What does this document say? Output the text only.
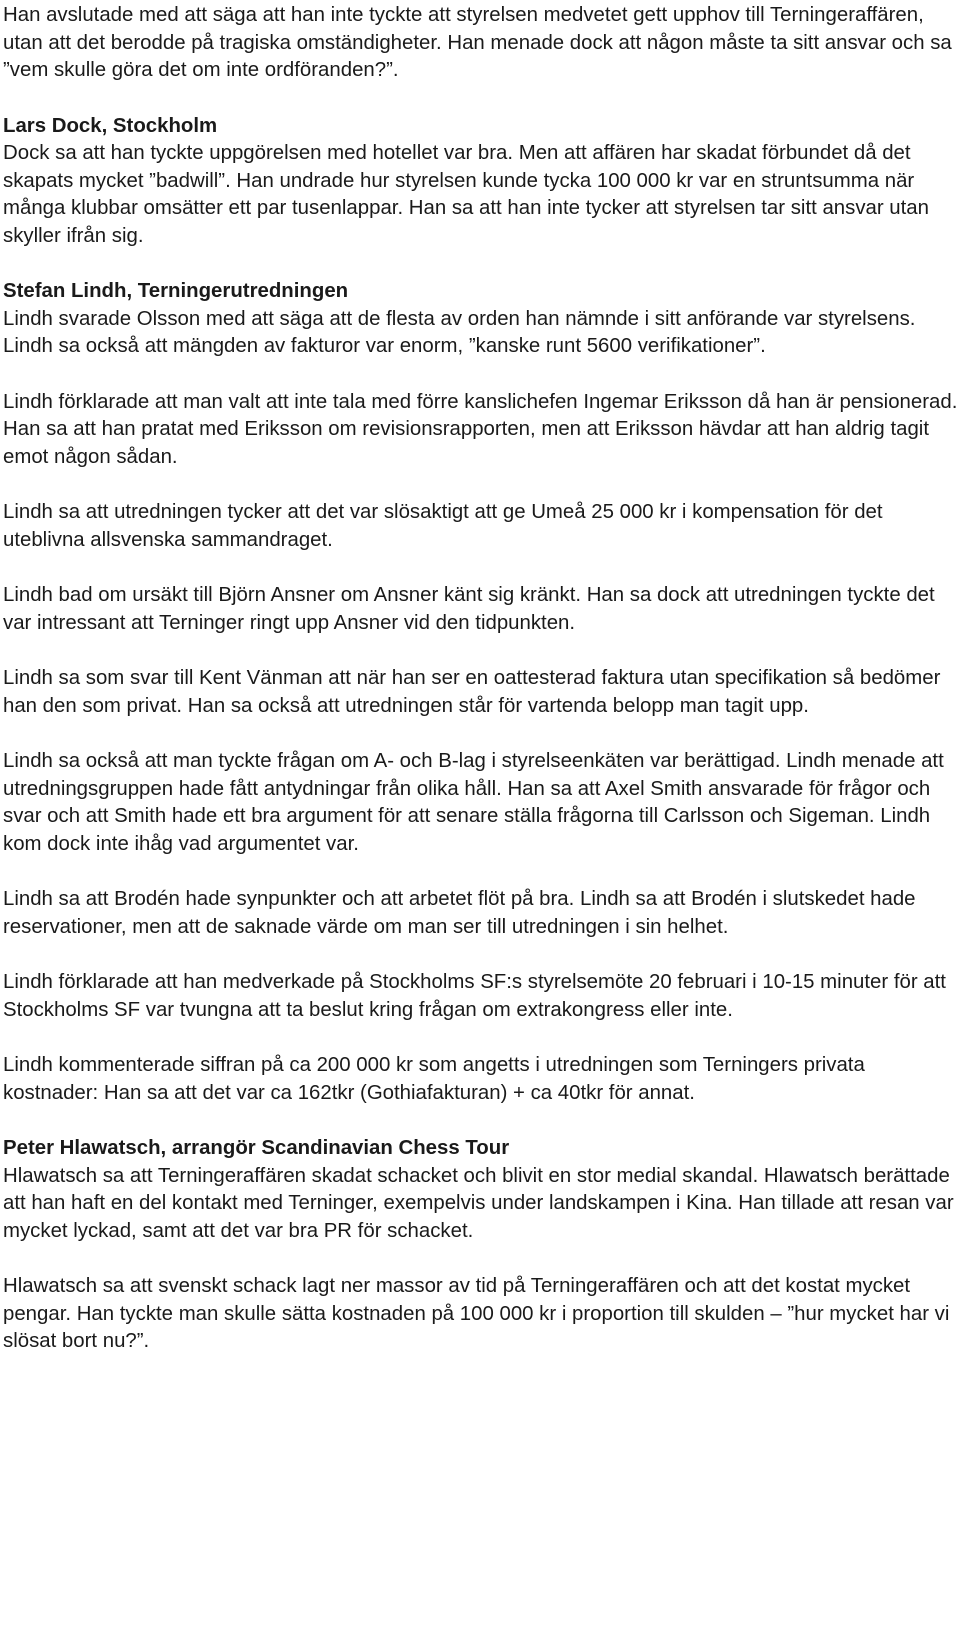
Han avslutade med att säga att han inte tyckte att styrelsen medvetet gett upphov till Terningeraffären, utan att det berodde på tragiska omständigheter. Han menade dock att någon måste ta sitt ansvar och sa ”vem skulle göra det om inte ordföranden?”.

Lars Dock, Stockholm

Dock sa att han tyckte uppgörelsen med hotellet var bra. Men att affären har skadat förbundet då det skapats mycket ”badwill”. Han undrade hur styrelsen kunde tycka 100 000 kr var en struntsumma när många klubbar omsätter ett par tusenlappar. Han sa att han inte tycker att styrelsen tar sitt ansvar utan skyller ifrån sig.

Stefan Lindh, Terningerutredningen

Lindh svarade Olsson med att säga att de flesta av orden han nämnde i sitt anförande var styrelsens. Lindh sa också att mängden av fakturor var enorm, ”kanske runt 5600 verifikationer”.

Lindh förklarade att man valt att inte tala med förre kanslichefen Ingemar Eriksson då han är pensionerad. Han sa att han pratat med Eriksson om revisionsrapporten, men att Eriksson hävdar att han aldrig tagit emot någon sådan.

Lindh sa att utredningen tycker att det var slösaktigt att ge Umeå 25 000 kr i kompensation för det uteblivna allsvenska sammandraget.

Lindh bad om ursäkt till Björn Ansner om Ansner känt sig kränkt. Han sa dock att utredningen tyckte det var intressant att Terninger ringt upp Ansner vid den tidpunkten.

Lindh sa som svar till Kent Vänman att när han ser en oattesterad faktura utan specifikation så bedömer han den som privat. Han sa också att utredningen står för vartenda belopp man tagit upp.

Lindh sa också att man tyckte frågan om A- och B-lag i styrelseenkäten var berättigad. Lindh menade att utredningsgruppen hade fått antydningar från olika håll. Han sa att Axel Smith ansvarade för frågor och svar och att Smith hade ett bra argument för att senare ställa frågorna till Carlsson och Sigeman. Lindh kom dock inte ihåg vad argumentet var.

Lindh sa att Brodén hade synpunkter och att arbetet flöt på bra. Lindh sa att Brodén i slutskedet hade reservationer, men att de saknade värde om man ser till utredningen i sin helhet.

Lindh förklarade att han medverkade på Stockholms SF:s styrelsemöte 20 februari i 10-15 minuter för att Stockholms SF var tvungna att ta beslut kring frågan om extrakongress eller inte.

Lindh kommenterade siffran på ca 200 000 kr som angetts i utredningen som Terningers privata kostnader: Han sa att det var ca 162tkr (Gothiafakturan) + ca 40tkr för annat.

Peter Hlawatsch, arrangör Scandinavian Chess Tour

Hlawatsch sa att Terningeraffären skadat schacket och blivit en stor medial skandal. Hlawatsch berättade att han haft en del kontakt med Terninger, exempelvis under landskampen i Kina. Han tillade att resan var mycket lyckad, samt att det var bra PR för schacket.

Hlawatsch sa att svenskt schack lagt ner massor av tid på Terningeraffären och att det kostat mycket pengar. Han tyckte man skulle sätta kostnaden på 100 000 kr i proportion till skulden – ”hur mycket har vi slösat bort nu?”.
